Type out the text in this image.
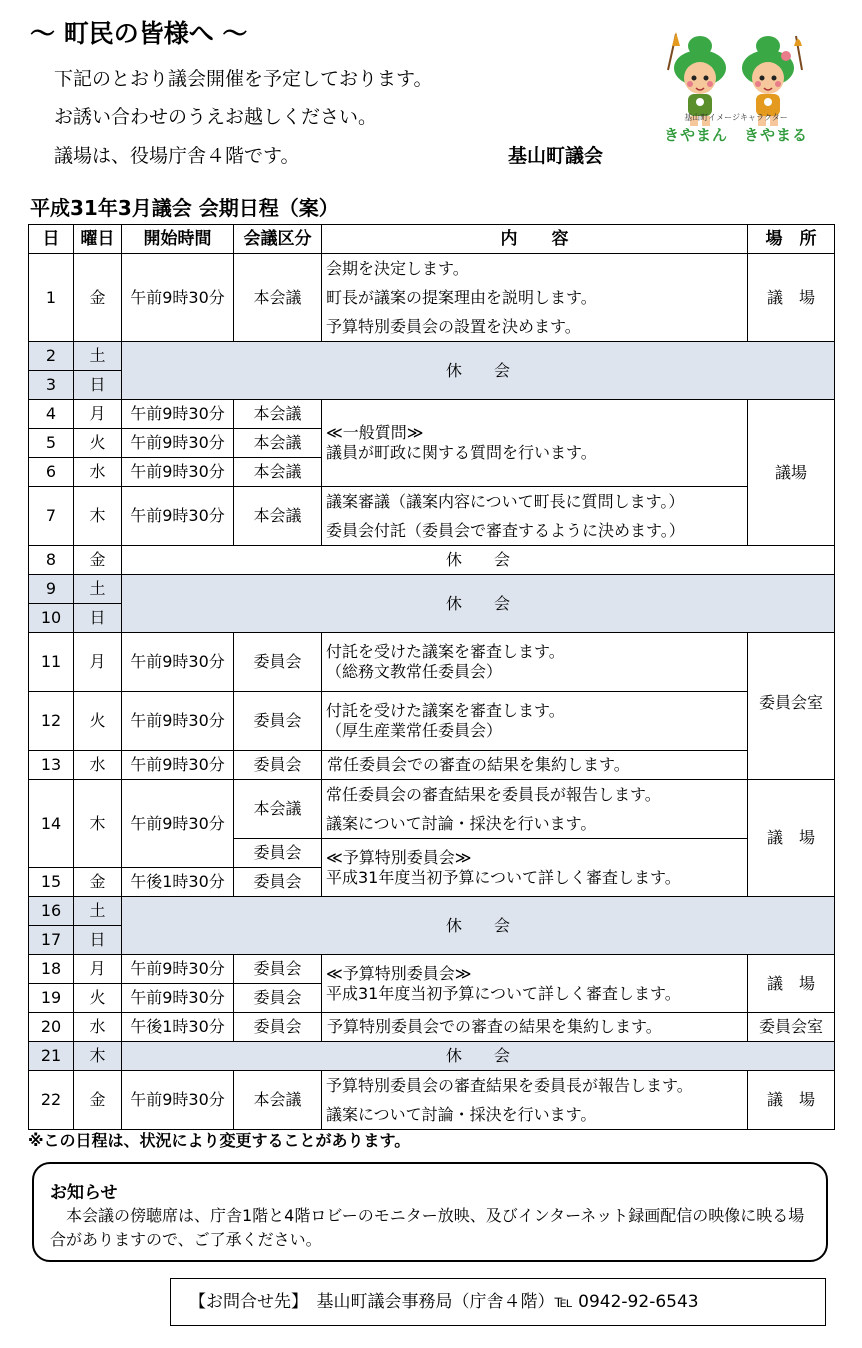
～ 町民の皆様へ ～
下記のとおり議会開催を予定しております。
お誘い合わせのうえお越しください。
議場は、役場庁舎４階です。	基山町議会
基山町イメージキャラクター
きやまん　きやまる
平成31年3月議会 会期日程（案）
日	曜日	開始時間	会議区分	内　　容	場　所
1	金	午前9時30分	本会議	会期を決定します。
町長が議案の提案理由を説明します。
予算特別委員会の設置を決めます。	議　場
2	土	休　　会			
3	日				
4	月	午前9時30分	本会議	≪一般質問≫
議員が町政に関する質問を行います。	議場
5	火	午前9時30分	本会議		
6	水	午前9時30分	本会議		
7	木	午前9時30分	本会議	議案審議（議案内容について町長に質問します。）
委員会付託（委員会で審査するように決めます。）	

8	金	休　　会			
9	土	休　　会			
10	日				
11	月	午前9時30分	委員会	付託を受けた議案を審査します。
（総務文教常任委員会）	委員会室
12	火	午前9時30分	委員会	付託を受けた議案を審査します。
（厚生産業常任委員会）	

13	水	午前9時30分	委員会	常任委員会での審査の結果を集約します。	
14	木	午前9時30分	本会議	常任委員会の審査結果を委員長が報告します。
議案について討論・採決を行います。	議　場
			委員会	≪予算特別委員会≫
平成31年度当初予算について詳しく審査します。	

15	金	午後1時30分	委員会		
16	土	休　　会			
17	日				
18	月	午前9時30分	委員会	≪予算特別委員会≫
平成31年度当初予算について詳しく審査します。	議　場
19	火	午前9時30分	委員会		
20	水	午後1時30分	委員会	予算特別委員会での審査の結果を集約します。	委員会室
21	木	休　　会			
22	金	午前9時30分	本会議	予算特別委員会の審査結果を委員長が報告します。
議案について討論・採決を行います。	議　場
※この日程は、状況により変更することがあります。
お知らせ
本会議の傍聴席は、庁舎1階と4階ロビーのモニター放映、及びインターネット録画配信の映像に映る場合がありますので、ご了承ください。
【お問合せ先】　基山町議会事務局（庁舎４階）℡ 0942-92-6543
